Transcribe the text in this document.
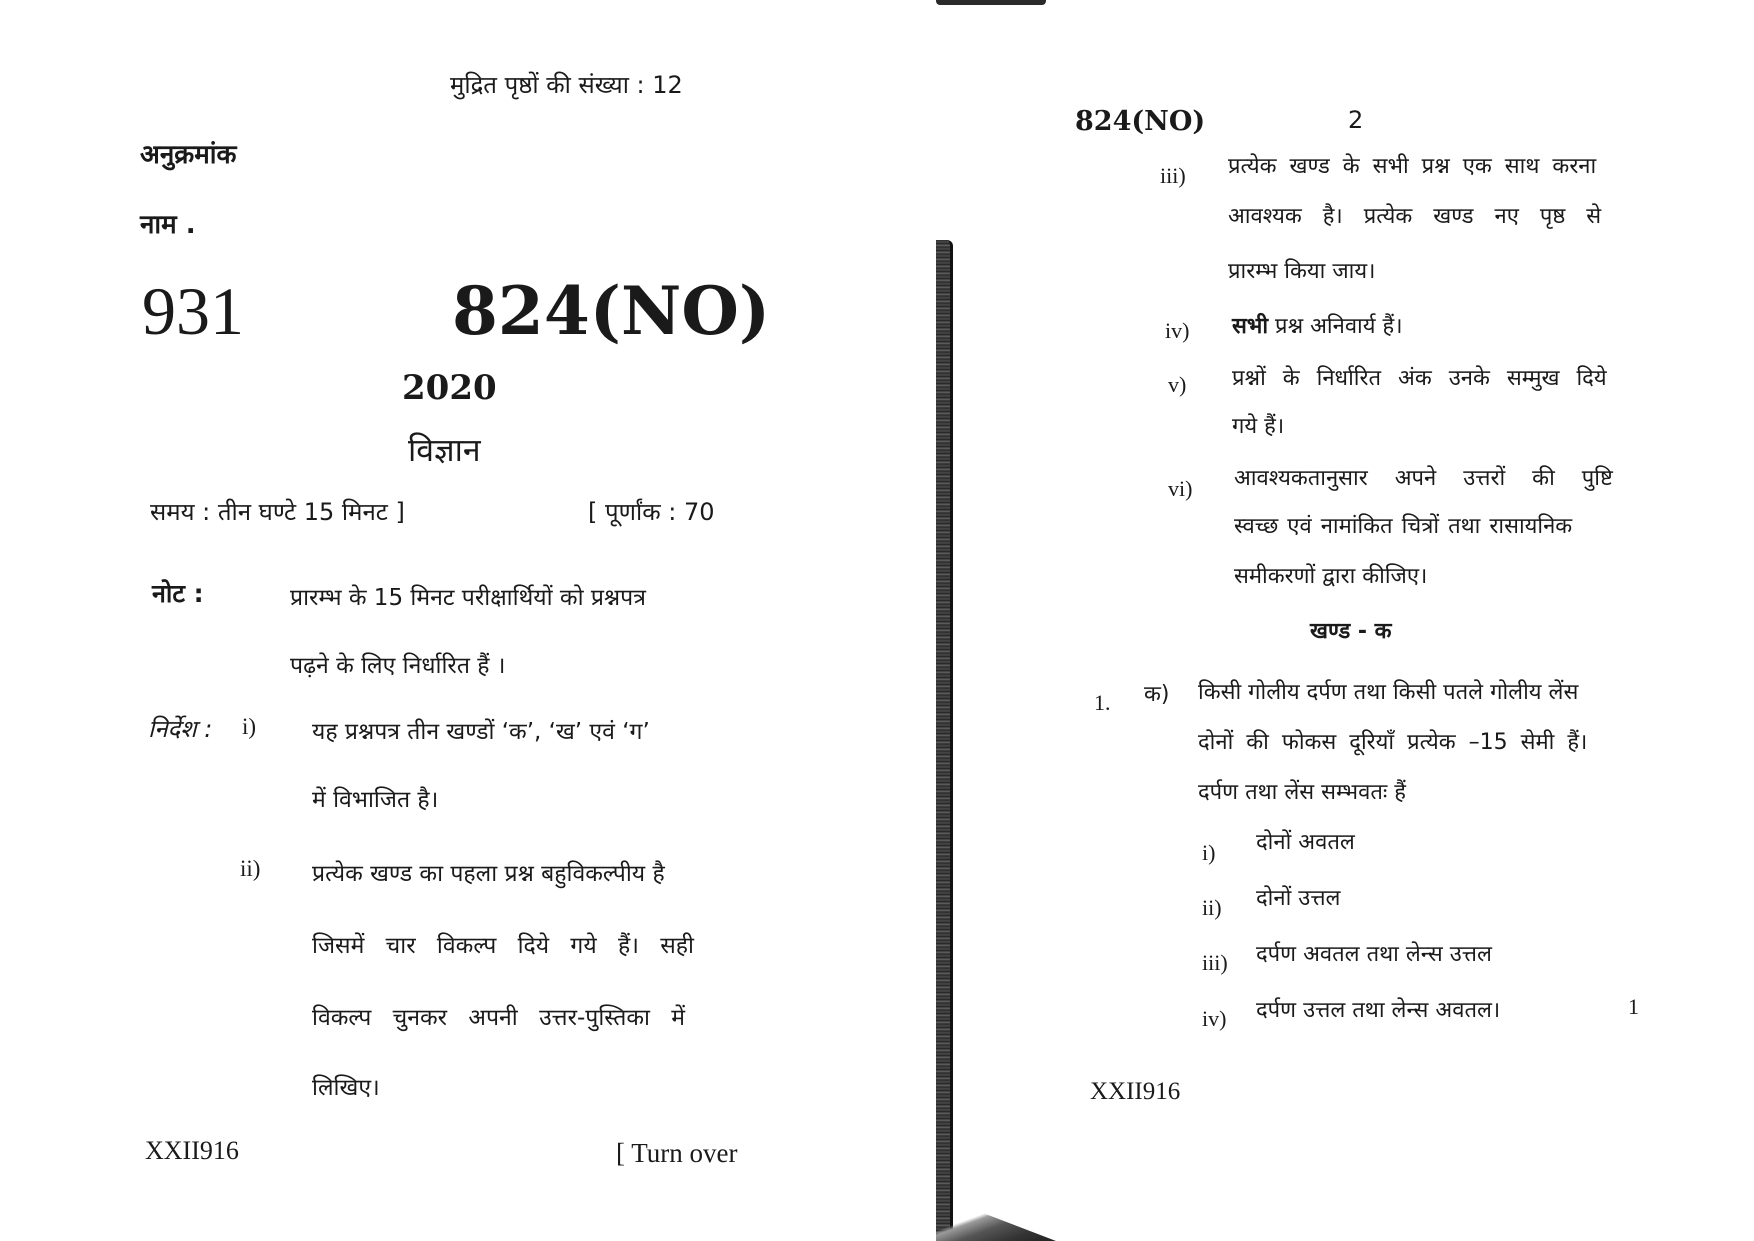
मुद्रित पृष्ठों की संख्या : 12
अनुक्रमांक
नाम .
931	824(NO)
2020
विज्ञान
समय : तीन घण्टे 15 मिनट ]	[ पूर्णांक : 70
नोट :	प्रारम्भ के 15 मिनट परीक्षार्थियों को प्रश्नपत्र
पढ़ने के लिए निर्धारित हैं ।
निर्देश : i) यह प्रश्नपत्र तीन खण्डों ‘क’, ‘ख’ एवं ‘ग’
में विभाजित है।
ii) प्रत्येक खण्ड का पहला प्रश्न बहुविकल्पीय है
जिसमें चार विकल्प दिये गये हैं। सही
विकल्प चुनकर अपनी उत्तर-पुस्तिका में
लिखिए।
XXII916	[ Turn over
824(NO)	2
iii) प्रत्येक खण्ड के सभी प्रश्न एक साथ करना
आवश्यक है। प्रत्येक खण्ड नए पृष्ठ से
प्रारम्भ किया जाय।
iv) सभी प्रश्न अनिवार्य हैं।
v) प्रश्नों के निर्धारित अंक उनके सम्मुख दिये
गये हैं।
vi) आवश्यकतानुसार अपने उत्तरों की पुष्टि
स्वच्छ एवं नामांकित चित्रों तथा रासायनिक
समीकरणों द्वारा कीजिए।
खण्ड - क
1. क) किसी गोलीय दर्पण तथा किसी पतले गोलीय लेंस
दोनों की फोकस दूरियाँ प्रत्येक –15 सेमी हैं।
दर्पण तथा लेंस सम्भवतः हैं
i) दोनों अवतल
ii) दोनों उत्तल
iii) दर्पण अवतल तथा लेन्स उत्तल
iv) दर्पण उत्तल तथा लेन्स अवतल।	1
XXII916
